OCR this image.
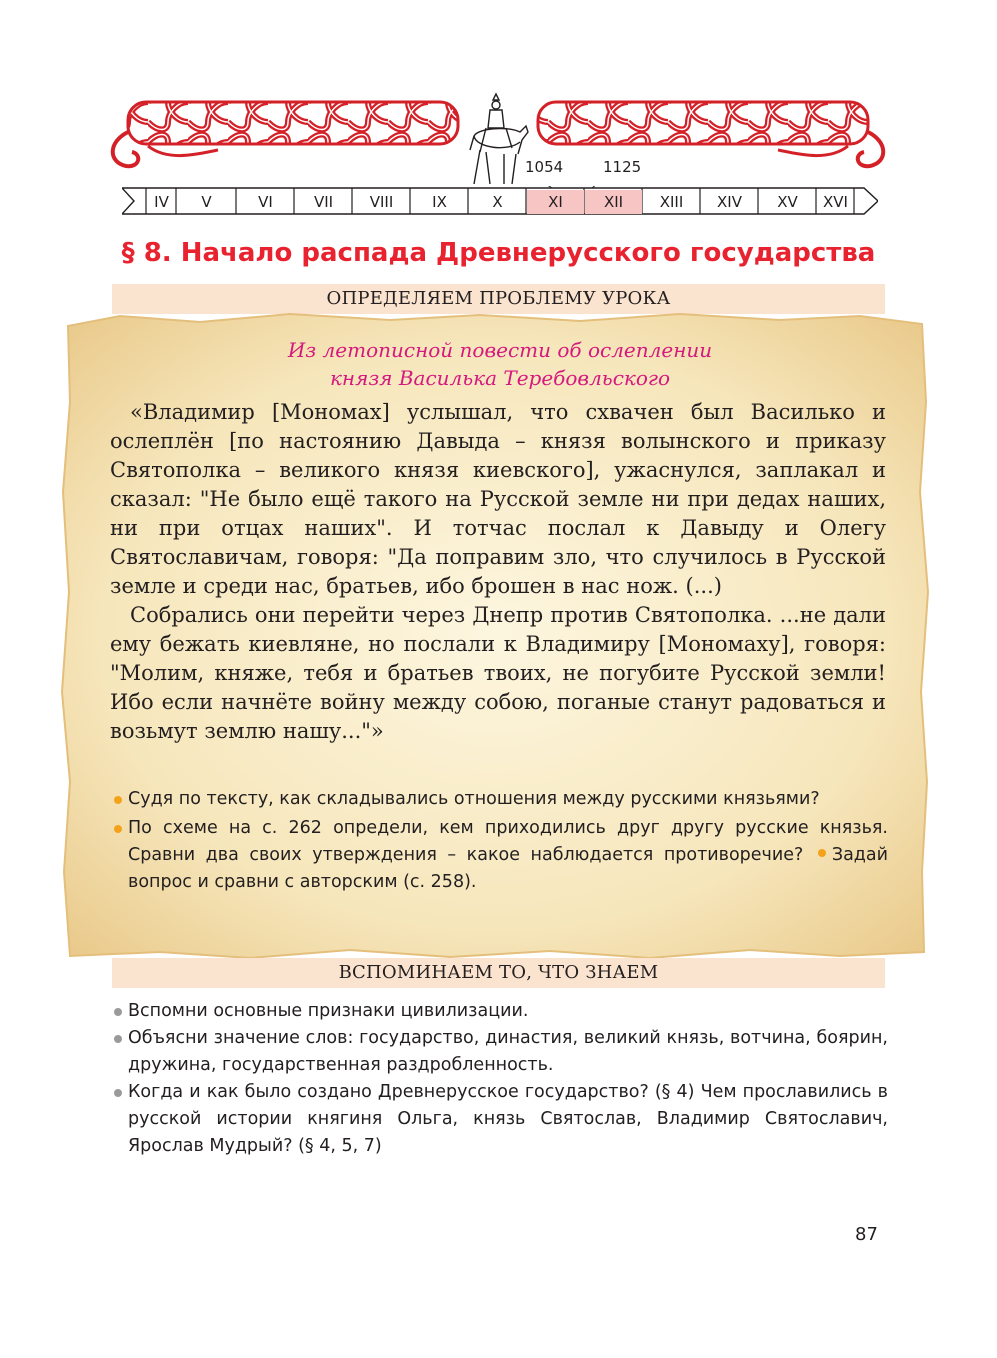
1054	1125
IV	V	VI	VII	VIII	IX	X	XI	XII	XIII	XIV	XV	XVI
§ 8. Начало распада Древнерусского государства
ОПРЕДЕЛЯЕМ ПРОБЛЕМУ УРОКА
Из летописной повести об ослеплении
князя Василька Теребовльского

«Владимир [Мономах] услышал, что схвачен был Василько и ослеплён [по настоянию Давыда – князя волынского и приказу Святополка – великого князя киевского], ужаснулся, заплакал и сказал: "Не было ещё такого на Русской земле ни при дедах наших, ни при отцах наших". И тотчас послал к Давыду и Олегу Святославичам, говоря: "Да поправим зло, что случилось в Русской земле и среди нас, братьев, ибо брошен в нас нож. (...)

Собрались они перейти через Днепр против Святополка. ...не дали ему бежать киевляне, но послали к Владимиру [Мономаху], говоря: "Молим, княже, тебя и братьев твоих, не погубите Русской земли! Ибо если начнёте войну между собою, поганые станут радоваться и возьмут землю нашу..."»

Судя по тексту, как складывались отношения между русскими князьями?
По схеме на с. 262 определи, кем приходились друг другу русские князья. Сравни два своих утверждения – какое наблюдается противоречие? Задай вопрос и сравни с авторским (с. 258).
ВСПОМИНАЕМ ТО, ЧТО ЗНАЕМ
Вспомни основные признаки цивилизации.
Объясни значение слов: государство, династия, великий князь, вотчина, боярин, дружина, государственная раздробленность.
Когда и как было создано Древнерусское государство? (§ 4) Чем прославились в русской истории княгиня Ольга, князь Святослав, Владимир Святославич, Ярослав Мудрый? (§ 4, 5, 7)
87
